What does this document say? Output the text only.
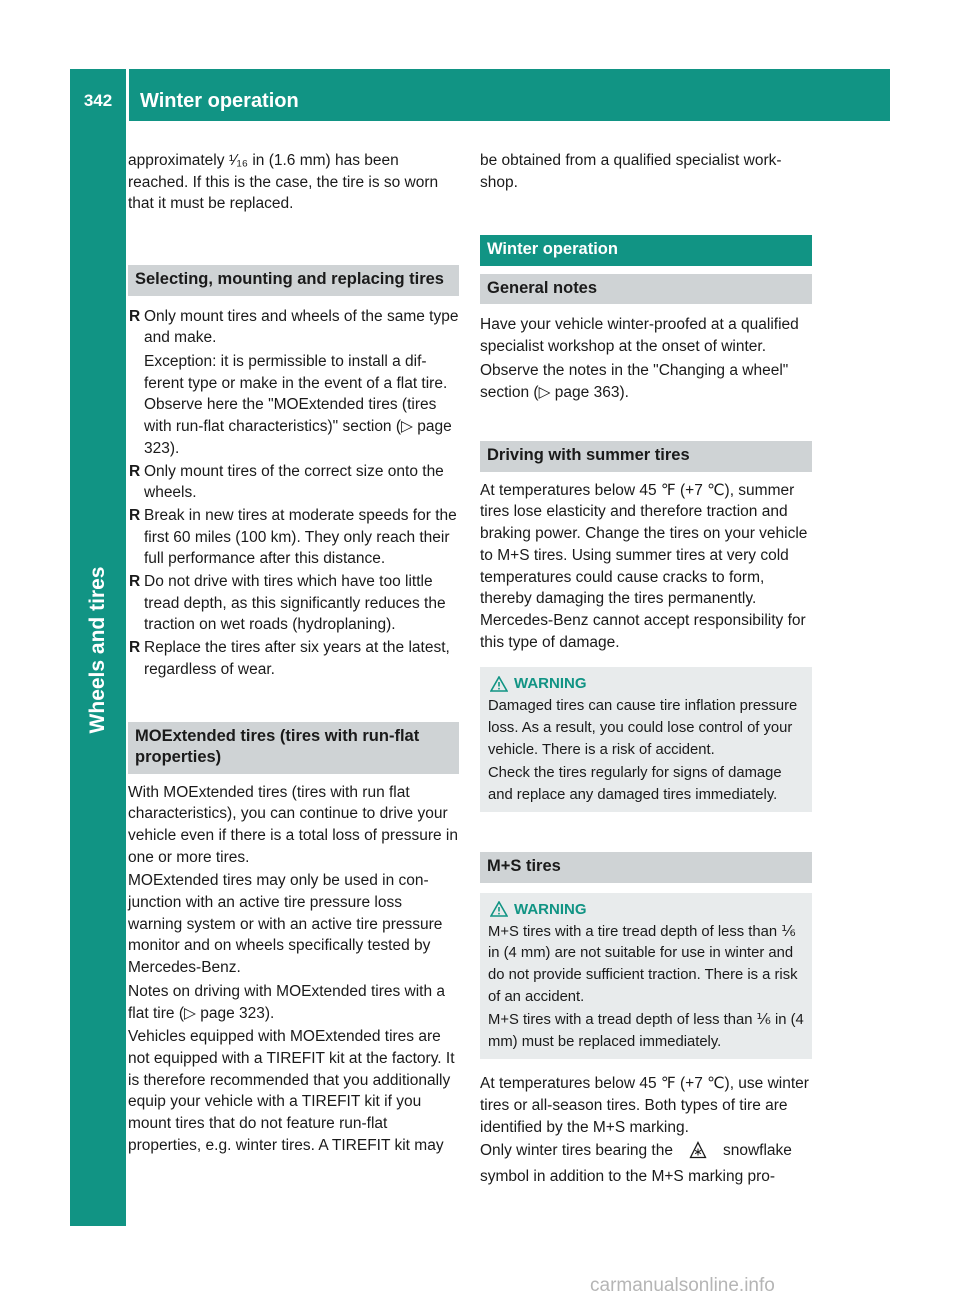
342	Winter operation
Wheels and tires

approximately ¹⁄₁₆ in (1.6 mm) has been reached. If this is the case, the tire is so worn that it must be replaced.

Selecting, mounting and replacing tires
R Only mount tires and wheels of the same type and make.
Exception: it is permissible to install a different type or make in the event of a flat tire. Observe here the "MOExtended tires (tires with run-flat characteristics)" section (▷ page 323).
R Only mount tires of the correct size onto the wheels.
R Break in new tires at moderate speeds for the first 60 miles (100 km). They only reach their full performance after this distance.
R Do not drive with tires which have too little tread depth, as this significantly reduces the traction on wet roads (hydroplaning).
R Replace the tires after six years at the latest, regardless of wear.
MOExtended tires (tires with run-flat properties)

With MOExtended tires (tires with run flat characteristics), you can continue to drive your vehicle even if there is a total loss of pressure in one or more tires.

MOExtended tires may only be used in conjunction with an active tire pressure loss warning system or with an active tire pressure monitor and on wheels specifically tested by Mercedes-Benz.

Notes on driving with MOExtended tires with a flat tire (▷ page 323).

Vehicles equipped with MOExtended tires are not equipped with a TIREFIT kit at the factory. It is therefore recommended that you additionally equip your vehicle with a TIREFIT kit if you mount tires that do not feature run-flat properties, e.g. winter tires. A TIREFIT kit may

be obtained from a qualified specialist workshop.

Winter operation
General notes

Have your vehicle winter-proofed at a qualified specialist workshop at the onset of winter.

Observe the notes in the "Changing a wheel" section (▷ page 363).

Driving with summer tires

At temperatures below 45 ℉ (+7 ℃), summer tires lose elasticity and therefore traction and braking power. Change the tires on your vehicle to M+S tires. Using summer tires at very cold temperatures could cause cracks to form, thereby damaging the tires permanently. Mercedes-Benz cannot accept responsibility for this type of damage.

WARNING

Damaged tires can cause tire inflation pressure loss. As a result, you could lose control of your vehicle. There is a risk of accident.

Check the tires regularly for signs of damage and replace any damaged tires immediately.

M+S tires
WARNING

M+S tires with a tire tread depth of less than ⅙ in (4 mm) are not suitable for use in winter and do not provide sufficient traction. There is a risk of an accident.

M+S tires with a tread depth of less than ⅙ in (4 mm) must be replaced immediately.

At temperatures below 45 ℉ (+7 ℃), use winter tires or all-season tires. Both types of tire are identified by the M+S marking.

Only winter tires bearing the	snowflake symbol in addition to the M+S marking pro-

carmanualsonline.info
